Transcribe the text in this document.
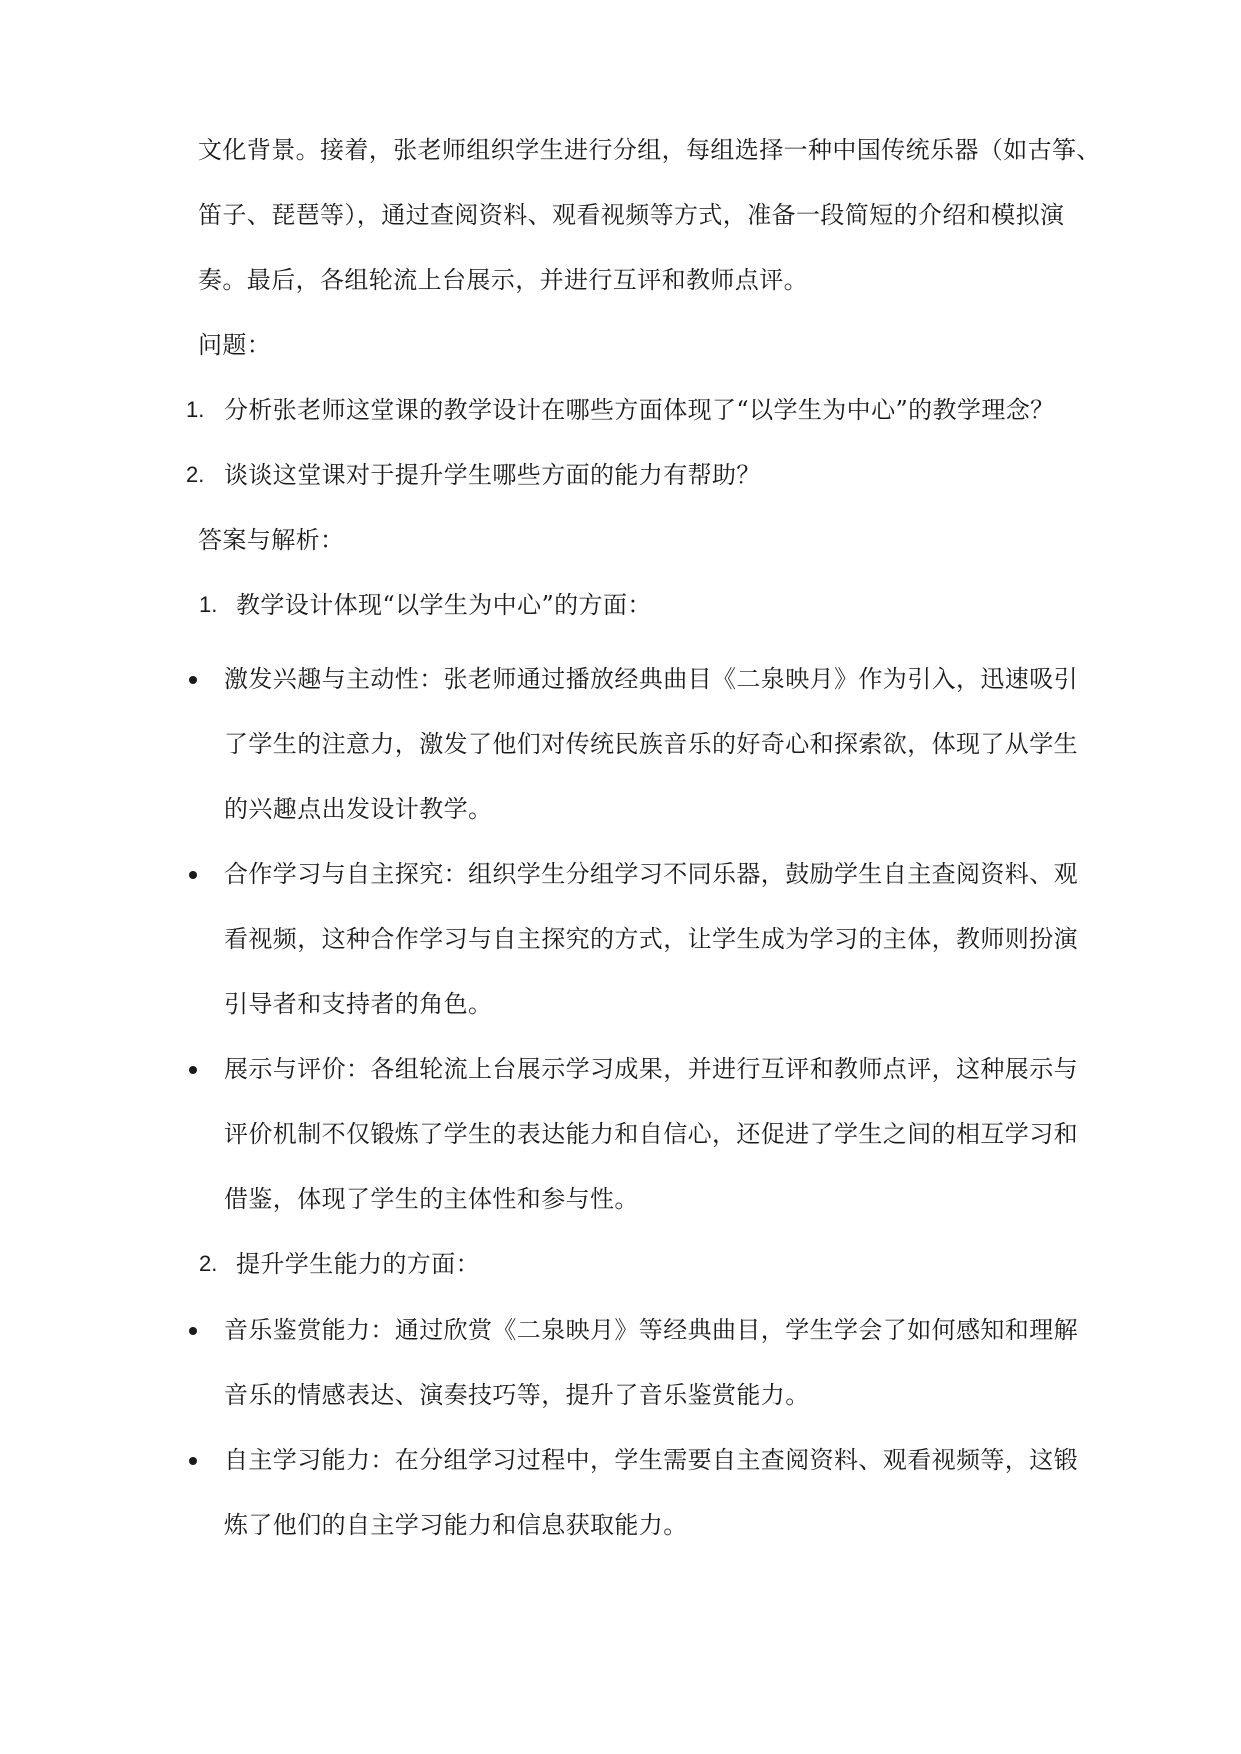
文化背景。接着，张老师组织学生进行分组，每组选择一种中国传统乐器（如古筝、
笛子、琵琶等），通过查阅资料、观看视频等方式，准备一段简短的介绍和模拟演
奏。最后，各组轮流上台展示，并进行互评和教师点评。
问题：
1. 分析张老师这堂课的教学设计在哪些方面体现了“以学生为中心”的教学理念？
2. 谈谈这堂课对于提升学生哪些方面的能力有帮助？
答案与解析：
1. 教学设计体现“以学生为中心”的方面：
激发兴趣与主动性：张老师通过播放经典曲目《二泉映月》作为引入，迅速吸引
了学生的注意力，激发了他们对传统民族音乐的好奇心和探索欲，体现了从学生
的兴趣点出发设计教学。
合作学习与自主探究：组织学生分组学习不同乐器，鼓励学生自主查阅资料、观
看视频，这种合作学习与自主探究的方式，让学生成为学习的主体，教师则扮演
引导者和支持者的角色。
展示与评价：各组轮流上台展示学习成果，并进行互评和教师点评，这种展示与
评价机制不仅锻炼了学生的表达能力和自信心，还促进了学生之间的相互学习和
借鉴，体现了学生的主体性和参与性。
2. 提升学生能力的方面：
音乐鉴赏能力：通过欣赏《二泉映月》等经典曲目，学生学会了如何感知和理解
音乐的情感表达、演奏技巧等，提升了音乐鉴赏能力。
自主学习能力：在分组学习过程中，学生需要自主查阅资料、观看视频等，这锻
炼了他们的自主学习能力和信息获取能力。
